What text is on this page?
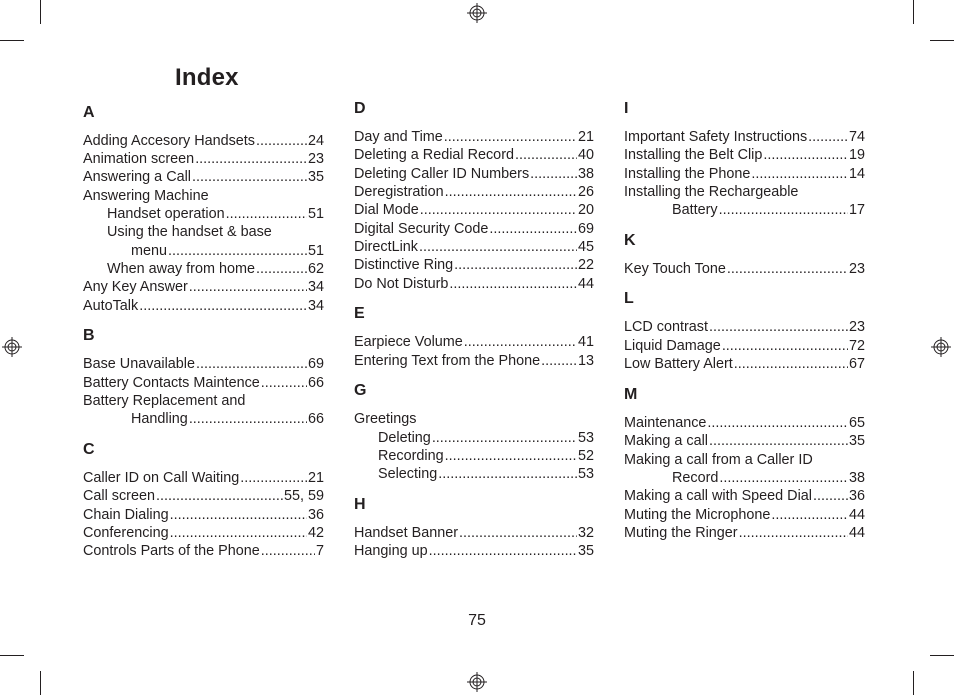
Index
A
Adding Accesory Handsets .....	24
Animation screen .....	23
Answering a Call .....	35
Answering Machine
Handset operation .....	51
Using the handset & base
menu .....	51
When away from home .....	62
Any Key Answer .....	34
AutoTalk .....	34
B
Base Unavailable .....	69
Battery Contacts Maintence .....	66
Battery Replacement and
Handling .....	66
C
Caller ID on Call Waiting .....	21
Call screen .....	55, 59
Chain Dialing .....	36
Conferencing .....	42
Controls Parts of the Phone .....	7
D
Day and Time .....	21
Deleting a Redial Record .....	40
Deleting Caller ID Numbers .....	38
Deregistration .....	26
Dial Mode .....	20
Digital Security Code .....	69
DirectLink .....	45
Distinctive Ring .....	22
Do Not Disturb .....	44
E
Earpiece Volume .....	41
Entering Text from the Phone .....	13
G
Greetings
Deleting .....	53
Recording .....	52
Selecting .....	53
H
Handset Banner .....	32
Hanging up .....	35
I
Important Safety Instructions .....	74
Installing the Belt Clip .....	19
Installing the Phone .....	14
Installing the Rechargeable
Battery .....	17
K
Key Touch Tone .....	23
L
LCD contrast .....	23
Liquid Damage .....	72
Low Battery Alert .....	67
M
Maintenance .....	65
Making a call .....	35
Making a call from a Caller ID
Record .....	38
Making a call with Speed Dial .....	36
Muting the Microphone .....	44
Muting the Ringer .....	44
75
